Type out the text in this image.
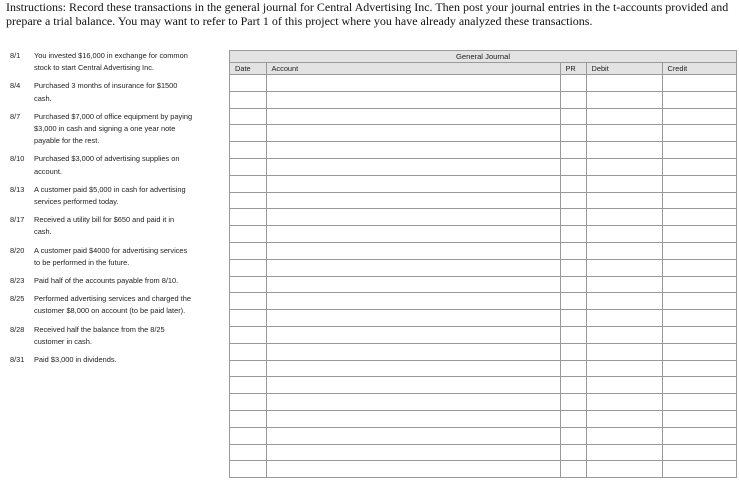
Instructions: Record these transactions in the general journal for Central Advertising Inc. Then post your journal entries in the t-accounts provided and prepare a trial balance. You may want to refer to Part 1 of this project where you have already analyzed these transactions.
8/1	You invested $16,000 in exchange for common stock to start Central Advertising Inc.
8/4	Purchased 3 months of insurance for $1500 cash.
8/7	Purchased $7,000 of office equipment by paying $3,000 in cash and signing a one year note payable for the rest.
8/10	Purchased $3,000 of advertising supplies on account.
8/13	A customer paid $5,000 in cash for advertising services performed today.
8/17	Received a utility bill for $650 and paid it in cash.
8/20	A customer paid $4000 for advertising services to be performed in the future.
8/23	Paid half of the accounts payable from 8/10.
8/25	Performed advertising services and charged the customer $8,000 on account (to be paid later).
8/28	Received half the balance from the 8/25 customer in cash.
8/31	Paid $3,000 in dividends.
General Journal
Date	Account	PR	Debit	Credit
